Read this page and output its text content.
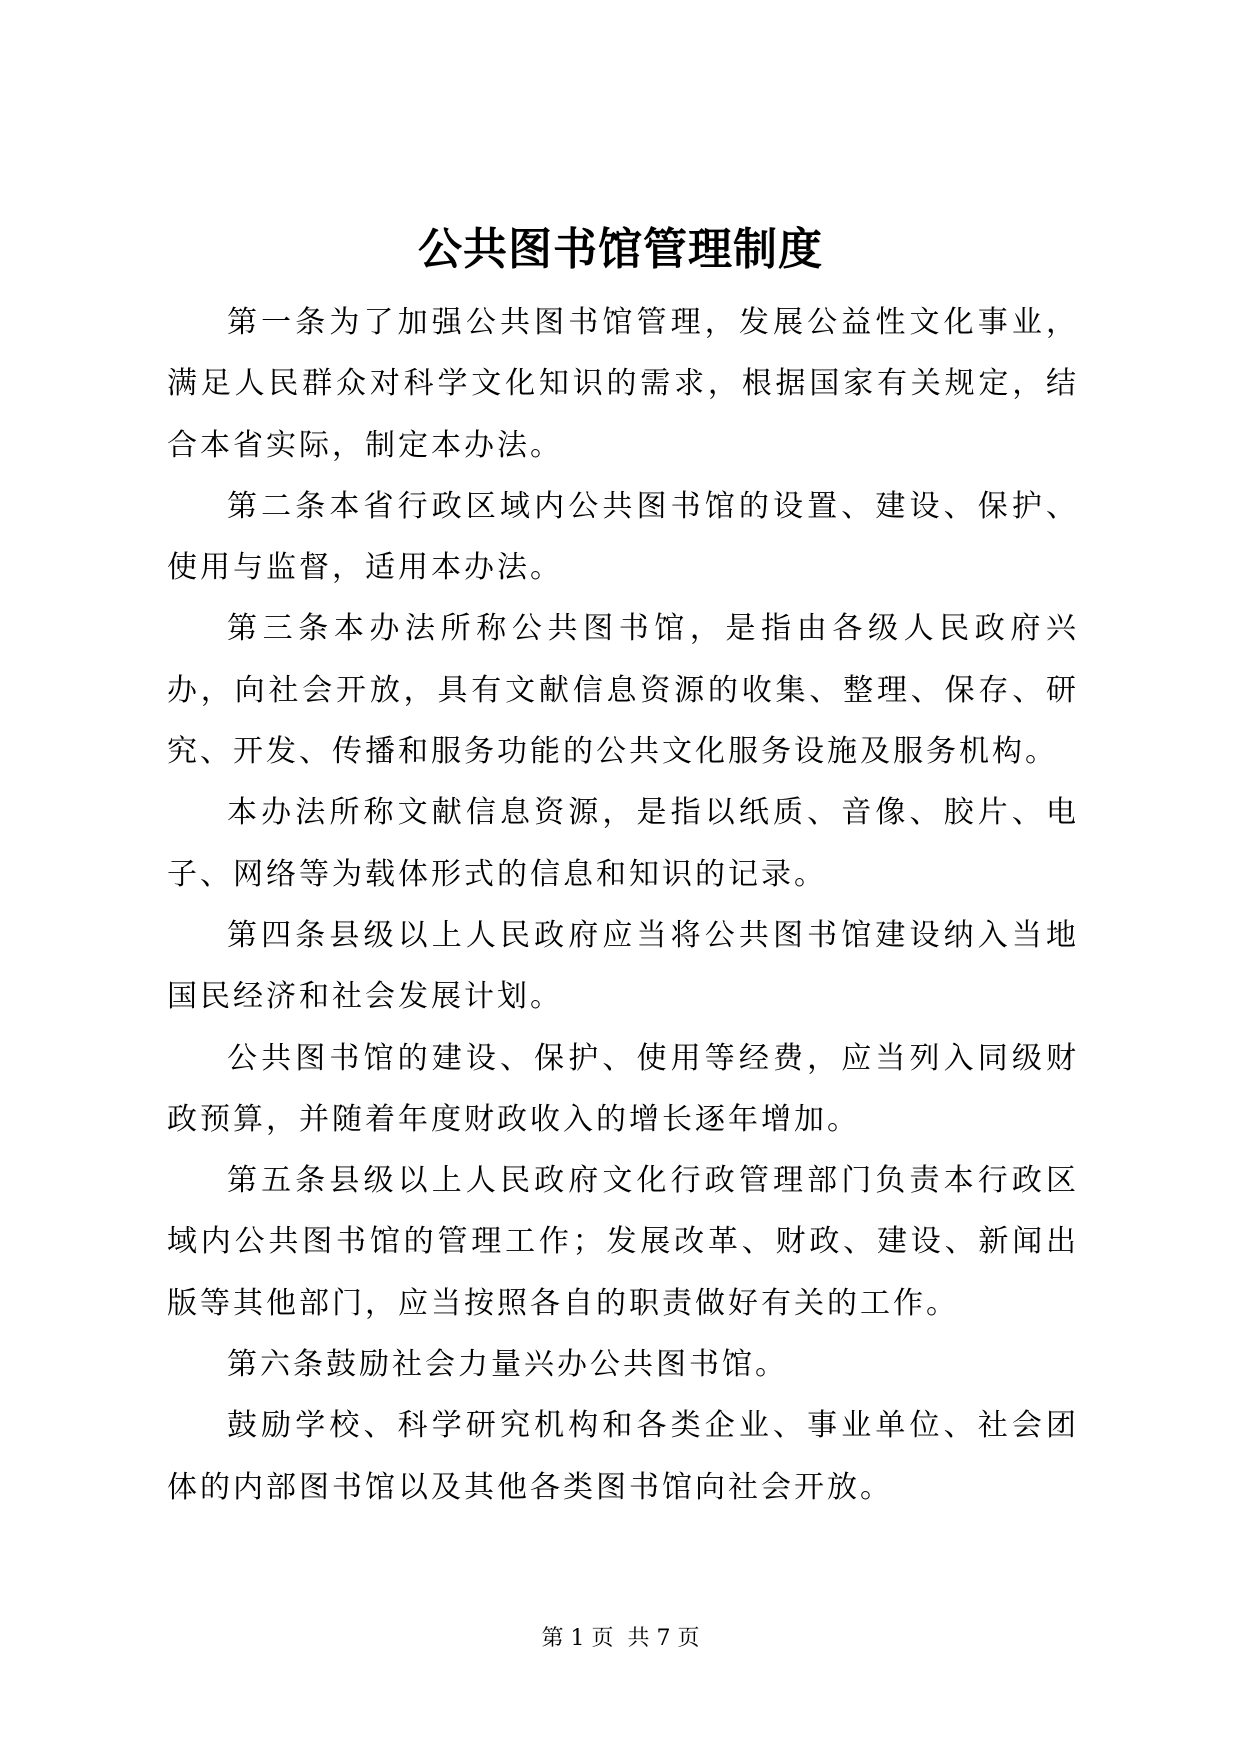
公共图书馆管理制度

第一条为了加强公共图书馆管理，发展公益性文化事业，满足人民群众对科学文化知识的需求，根据国家有关规定，结合本省实际，制定本办法。

第二条本省行政区域内公共图书馆的设置、建设、保护、使用与监督，适用本办法。

第三条本办法所称公共图书馆，是指由各级人民政府兴办，向社会开放，具有文献信息资源的收集、整理、保存、研究、开发、传播和服务功能的公共文化服务设施及服务机构。

本办法所称文献信息资源，是指以纸质、音像、胶片、电子、网络等为载体形式的信息和知识的记录。

第四条县级以上人民政府应当将公共图书馆建设纳入当地国民经济和社会发展计划。

公共图书馆的建设、保护、使用等经费，应当列入同级财政预算，并随着年度财政收入的增长逐年增加。

第五条县级以上人民政府文化行政管理部门负责本行政区域内公共图书馆的管理工作；发展改革、财政、建设、新闻出版等其他部门，应当按照各自的职责做好有关的工作。

第六条鼓励社会力量兴办公共图书馆。

鼓励学校、科学研究机构和各类企业、事业单位、社会团体的内部图书馆以及其他各类图书馆向社会开放。

第 1 页  共 7 页
